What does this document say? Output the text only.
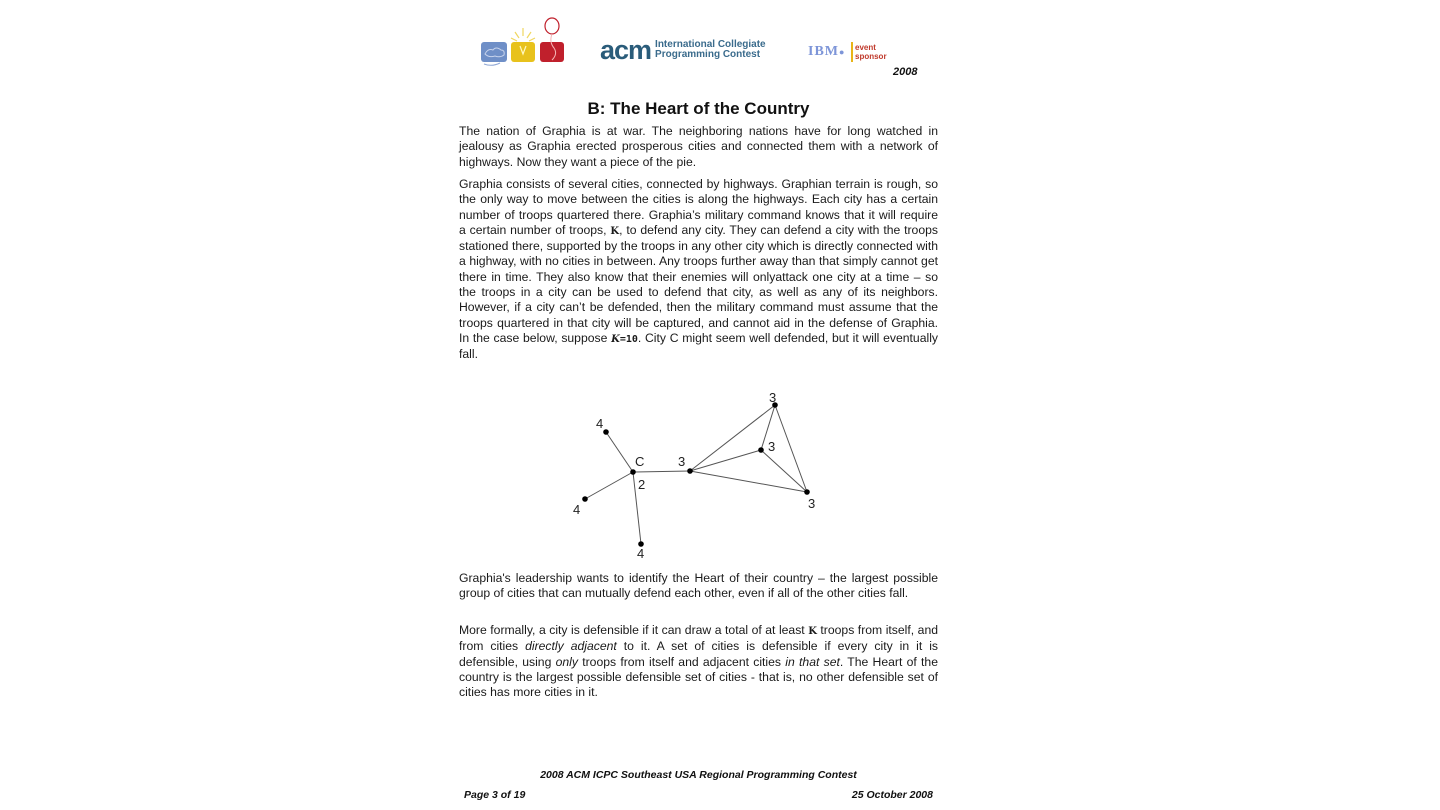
acm International Collegiate
Programming Contest	IBM● event
sponsor
2008
B: The Heart of the Country
The nation of Graphia is at war. The neighboring nations have for long watched in jealousy as Graphia erected prosperous cities and connected them with a network of highways. Now they want a piece of the pie.
Graphia consists of several cities, connected by highways. Graphian terrain is rough, so the only way to move between the cities is along the highways. Each city has a certain number of troops quartered there. Graphia’s military command knows that it will require a certain number of troops, K, to defend any city. They can defend a city with the troops stationed there, supported by the troops in any other city which is directly connected with a highway, with no cities in between. Any troops further away than that simply cannot get there in time. They also know that their enemies will onlyattack one city at a time – so the troops in a city can be used to defend that city, as well as any of its neighbors. However, if a city can’t be defended, then the military command must assume that the troops quartered in that city will be captured, and cannot aid in the defense of Graphia. In the case below, suppose K=10. City C might seem well defended, but it will eventually fall.
4
C
2
4
4
3
3
3
3
Graphia's leadership wants to identify the Heart of their country – the largest possible group of cities that can mutually defend each other, even if all of the other cities fall.
More formally, a city is defensible if it can draw a total of at least K troops from itself, and from cities directly adjacent to it. A set of cities is defensible if every city in it is defensible, using only troops from itself and adjacent cities in that set. The Heart of the country is the largest possible defensible set of cities - that is, no other defensible set of cities has more cities in it.
2008 ACM ICPC Southeast USA Regional Programming Contest
Page 3 of 19	25 October 2008
